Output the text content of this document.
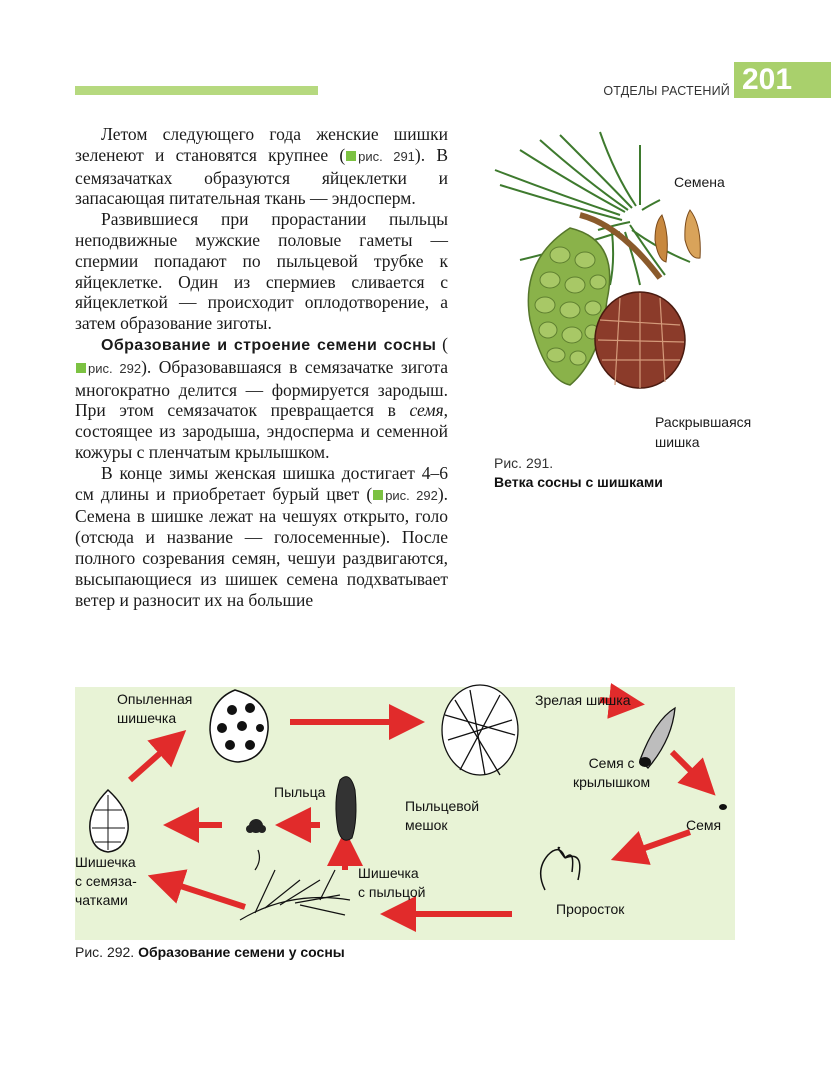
ОТДЕЛЫ РАСТЕНИЙ 201

Летом следующего года женские шишки зеленеют и становятся крупнее ( рис. 291). В семязачатках образуются яйцеклетки и запасающая питательная ткань — эндосперм.

Развившиеся при прорастании пыльцы неподвижные мужские половые гаметы — спермии попадают по пыльцевой трубке к яйцеклетке. Один из спермиев сливается с яйцеклеткой — происходит оплодотворение, а затем образование зиготы.

Образование и строение семени сосны (рис. 292). Образовавшаяся в семязачатке зигота многократно делится — формируется зародыш. При этом семязачаток превращается в семя, состоящее из зародыша, эндосперма и семенной кожуры с пленчатым крылышком.

В конце зимы женская шишка достигает 4–6 см длины и приобретает бурый цвет ( рис. 292). Семена в шишке лежат на чешуях открыто, голо (отсюда и название — голосеменные). После полного созревания семян, чешуи раздвигаются, высыпающиеся из шишек семена подхватывает ветер и разносит их на большие

Семена
Раскрывшаяся
шишка
Рис. 291.
Ветка сосны с шишками
Опыленная
шишечка
Зрелая шишка
Семя с
крылышком
Пыльца
Пыльцевой
мешок	Семя
Шишечка
с семяза-
чатками
Шишечка
с пыльцой
Проросток
Рис. 292. Образование семени у сосны
